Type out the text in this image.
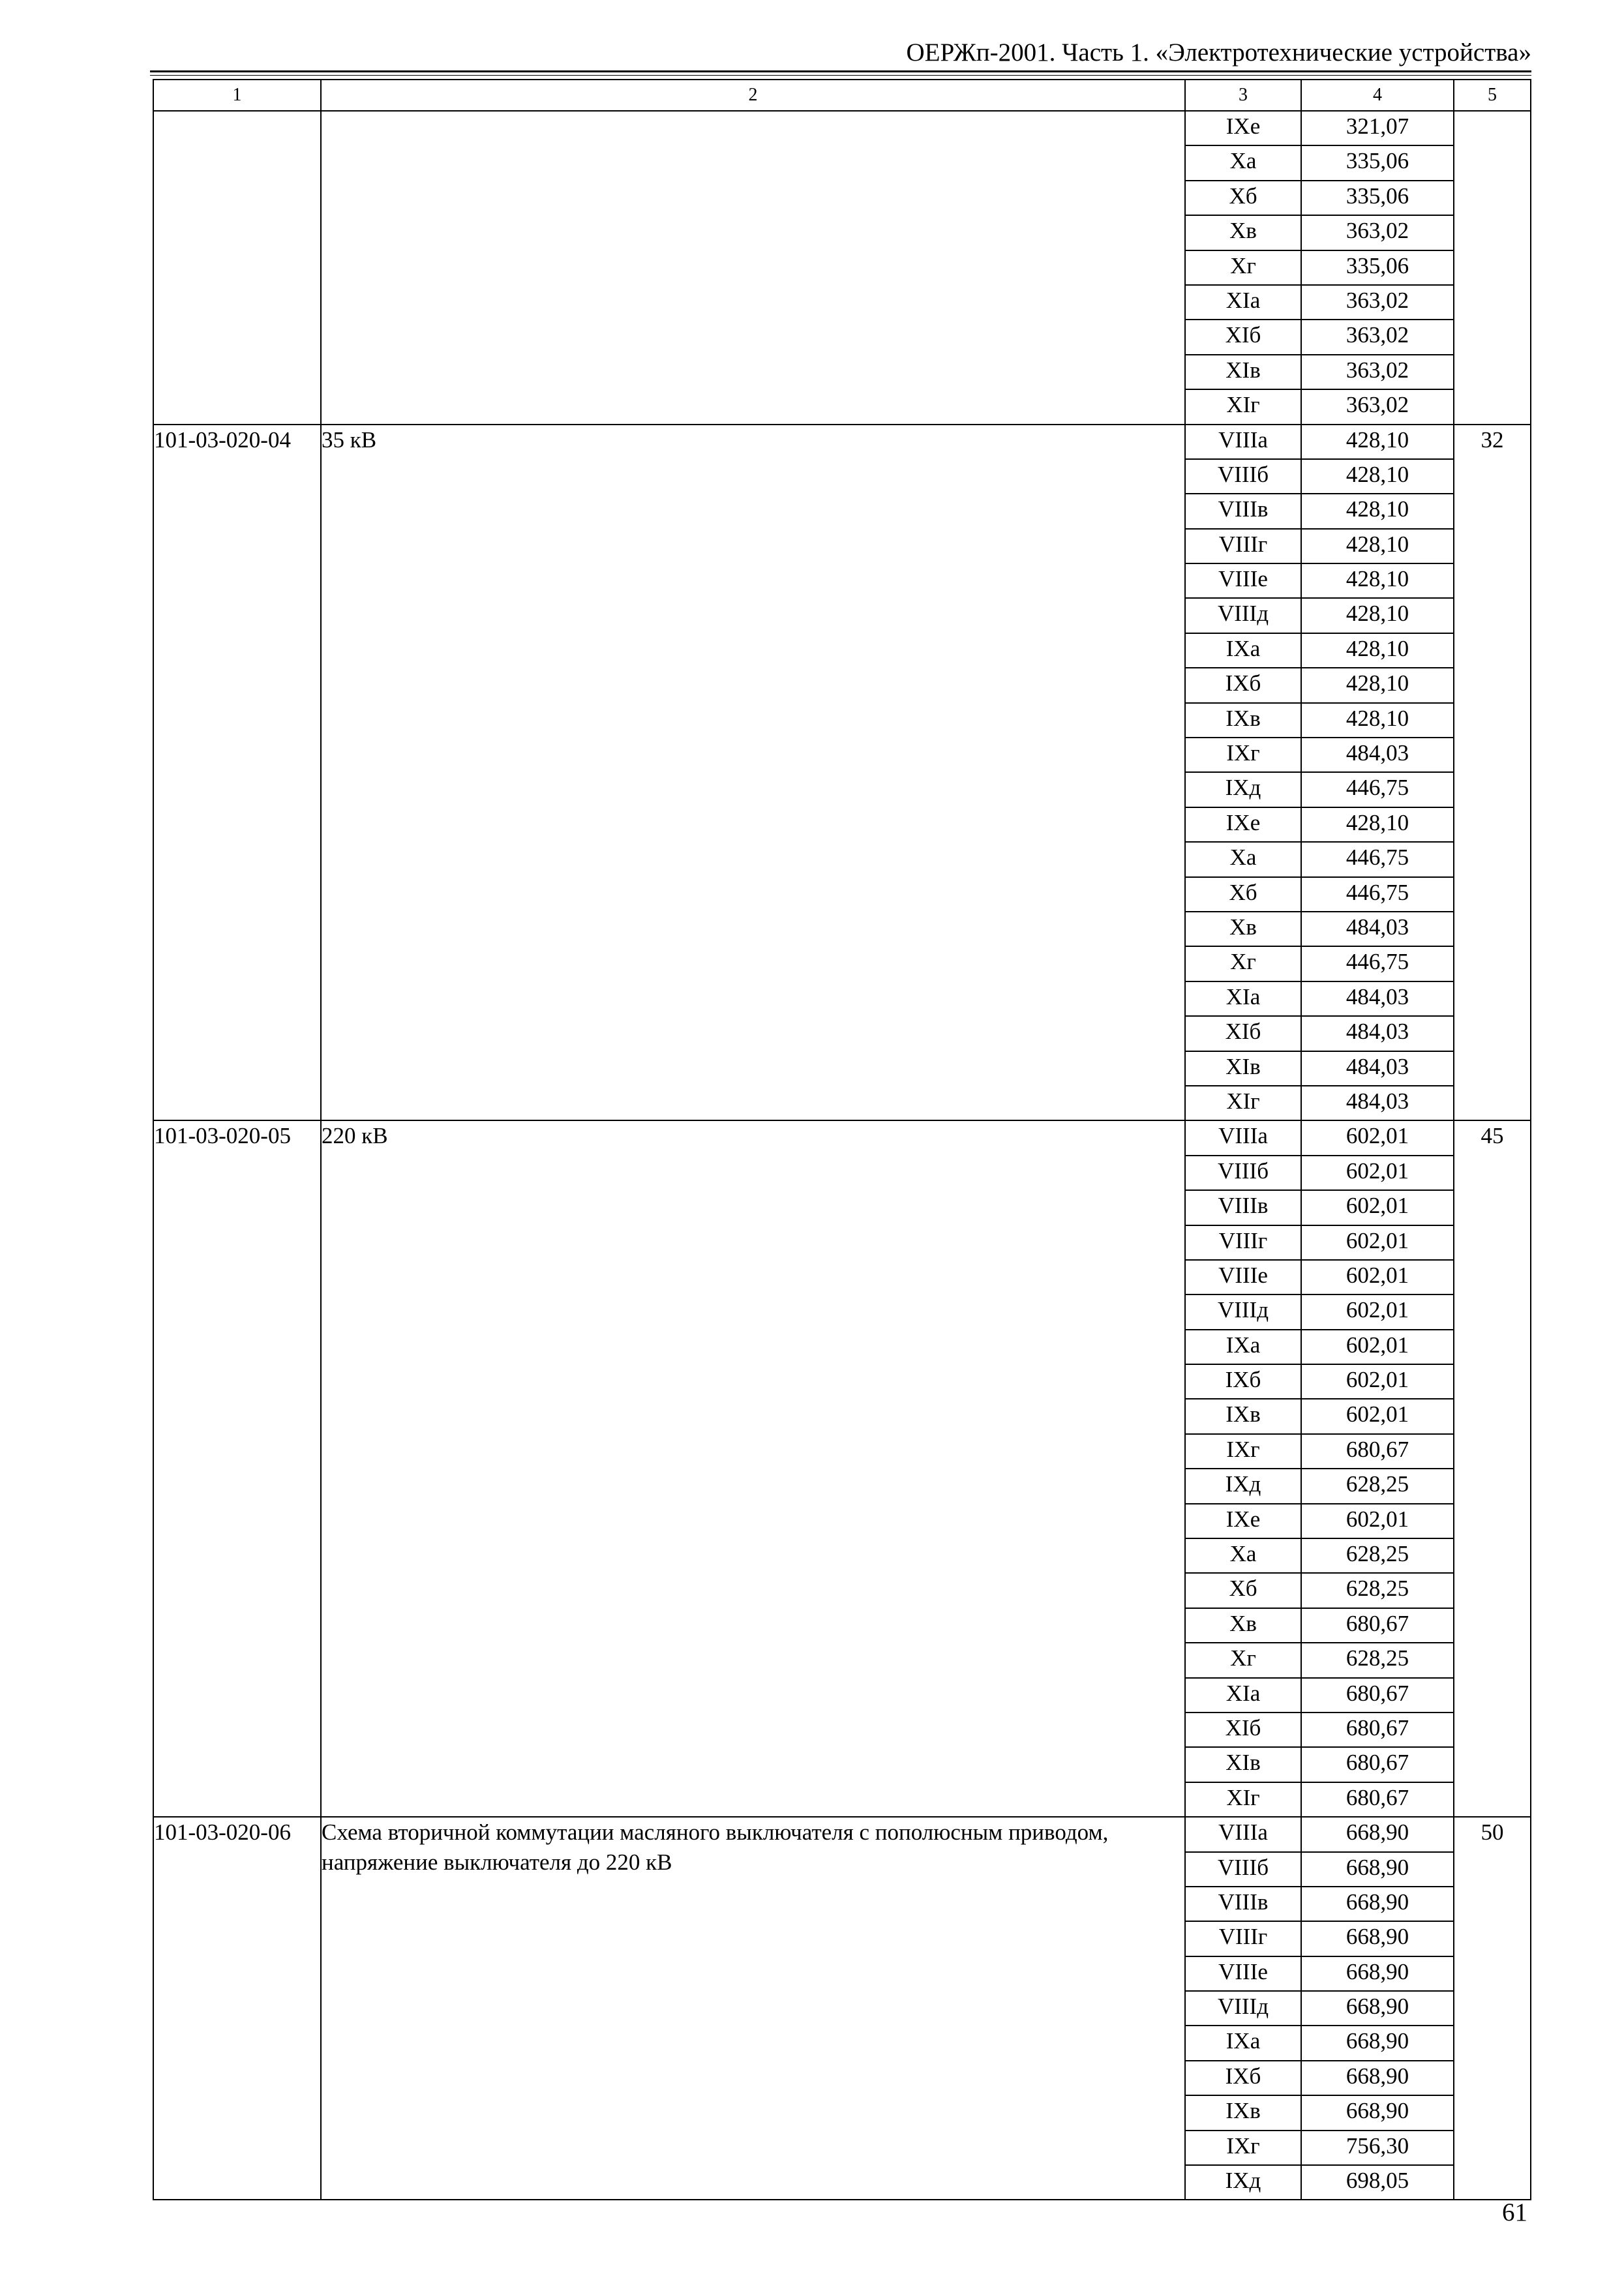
ОЕРЖп-2001. Часть 1. «Электротехнические устройства»
1	2	3	4	5
		IXе	321,07	
		Xа	335,06	
		Xб	335,06	
		Xв	363,02	
		Xг	335,06	
		XIа	363,02	
		XIб	363,02	
		XIв	363,02	
		XIг	363,02	
101-03-020-04	35 кВ	VIIIа	428,10	32
		VIIIб	428,10	
		VIIIв	428,10	
		VIIIг	428,10	
		VIIIе	428,10	
		VIIIд	428,10	
		IXа	428,10	
		IXб	428,10	
		IXв	428,10	
		IXг	484,03	
		IXд	446,75	
		IXе	428,10	
		Xа	446,75	
		Xб	446,75	
		Xв	484,03	
		Xг	446,75	
		XIа	484,03	
		XIб	484,03	
		XIв	484,03	
		XIг	484,03	
101-03-020-05	220 кВ	VIIIа	602,01	45
		VIIIб	602,01	
		VIIIв	602,01	
		VIIIг	602,01	
		VIIIе	602,01	
		VIIIд	602,01	
		IXа	602,01	
		IXб	602,01	
		IXв	602,01	
		IXг	680,67	
		IXд	628,25	
		IXе	602,01	
		Xа	628,25	
		Xб	628,25	
		Xв	680,67	
		Xг	628,25	
		XIа	680,67	
		XIб	680,67	
		XIв	680,67	
		XIг	680,67	
101-03-020-06	Схема вторичной коммутации масляного выключателя с пополюсным приводом, напряжение выключателя до 220 кВ	VIIIа	668,90	50
		VIIIб	668,90	
		VIIIв	668,90	
		VIIIг	668,90	
		VIIIе	668,90	
		VIIIд	668,90	
		IXа	668,90	
		IXб	668,90	
		IXв	668,90	
		IXг	756,30	
		IXд	698,05	
61
